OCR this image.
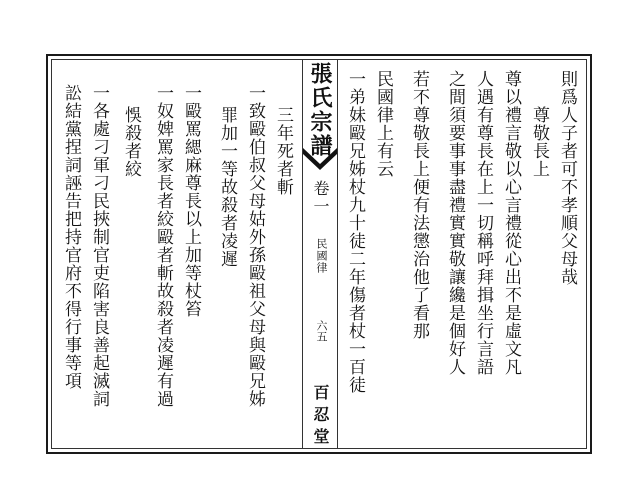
則爲人子者可不孝順父母哉
尊敬長上
尊以禮言敬以心言禮從心出不是虛文凡
人遇有尊長在上一切稱呼拜揖坐行言語
之間須要事事盡禮實實敬讓纔是個好人
若不尊敬長上便有法懲治他了看那
民國律上有云
一弟妹毆兄姊杖九十徒二年傷者杖一百徒
張氏宗譜
卷一
民國律
六五
百忍堂
三年死者斬
一致毆伯叔父母姑外孫毆祖父母與毆兄姊
罪加一等故殺者凌遲
一毆罵緦麻尊長以上加等杖笞
一奴婢罵家長者絞毆者斬故殺者凌遲有過
悞殺者絞
一各處刁軍刁民挾制官吏陷害良善起滅詞
訟結黨捏詞誣告把持官府不得行事等項
